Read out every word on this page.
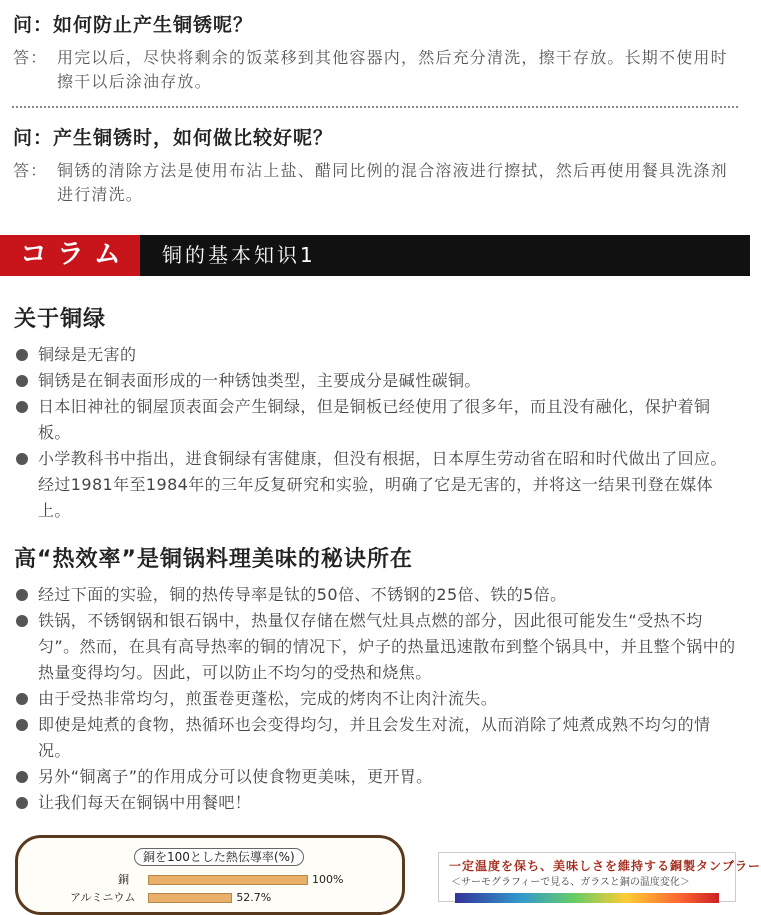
问：如何防止产生铜锈呢？
答： 用完以后，尽快将剩余的饭菜移到其他容器内，然后充分清洗，擦干存放。长期不使用时擦干以后涂油存放。
问：产生铜锈时，如何做比较好呢？
答： 铜锈的清除方法是使用布沾上盐、醋同比例的混合溶液进行擦拭，然后再使用餐具洗涤剂进行清洗。
コラム 铜的基本知识1
关于铜绿
铜绿是无害的
铜锈是在铜表面形成的一种锈蚀类型，主要成分是碱性碳铜。
日本旧神社的铜屋顶表面会产生铜绿，但是铜板已经使用了很多年，而且没有融化，保护着铜板。
小学教科书中指出，进食铜绿有害健康，但没有根据，日本厚生劳动省在昭和时代做出了回应。经过1981年至1984年的三年反复研究和实验，明确了它是无害的，并将这一结果刊登在媒体上。
高“热效率”是铜锅料理美味的秘诀所在
经过下面的实验，铜的热传导率是钛的50倍、不锈钢的25倍、铁的5倍。
铁锅，不锈钢锅和银石锅中，热量仅存储在燃气灶具点燃的部分，因此很可能发生“受热不均匀”。然而，在具有高导热率的铜的情况下，炉子的热量迅速散布到整个锅具中，并且整个锅中的热量变得均匀。因此，可以防止不均匀的受热和烧焦。
由于受热非常均匀，煎蛋卷更蓬松，完成的烤肉不让肉汁流失。
即使是炖煮的食物，热循环也会变得均匀，并且会发生对流，从而消除了炖煮成熟不均匀的情况。
另外“铜离子”的作用成分可以使食物更美味，更开胃。
让我们每天在铜锅中用餐吧！
銅を100とした熱伝導率(%)
銅	100%
アルミニウム	52.7%
一定温度を保ち、美味しさを維持する銅製タンブラー
＜サーモグラフィーで見る、ガラスと銅の温度変化＞
